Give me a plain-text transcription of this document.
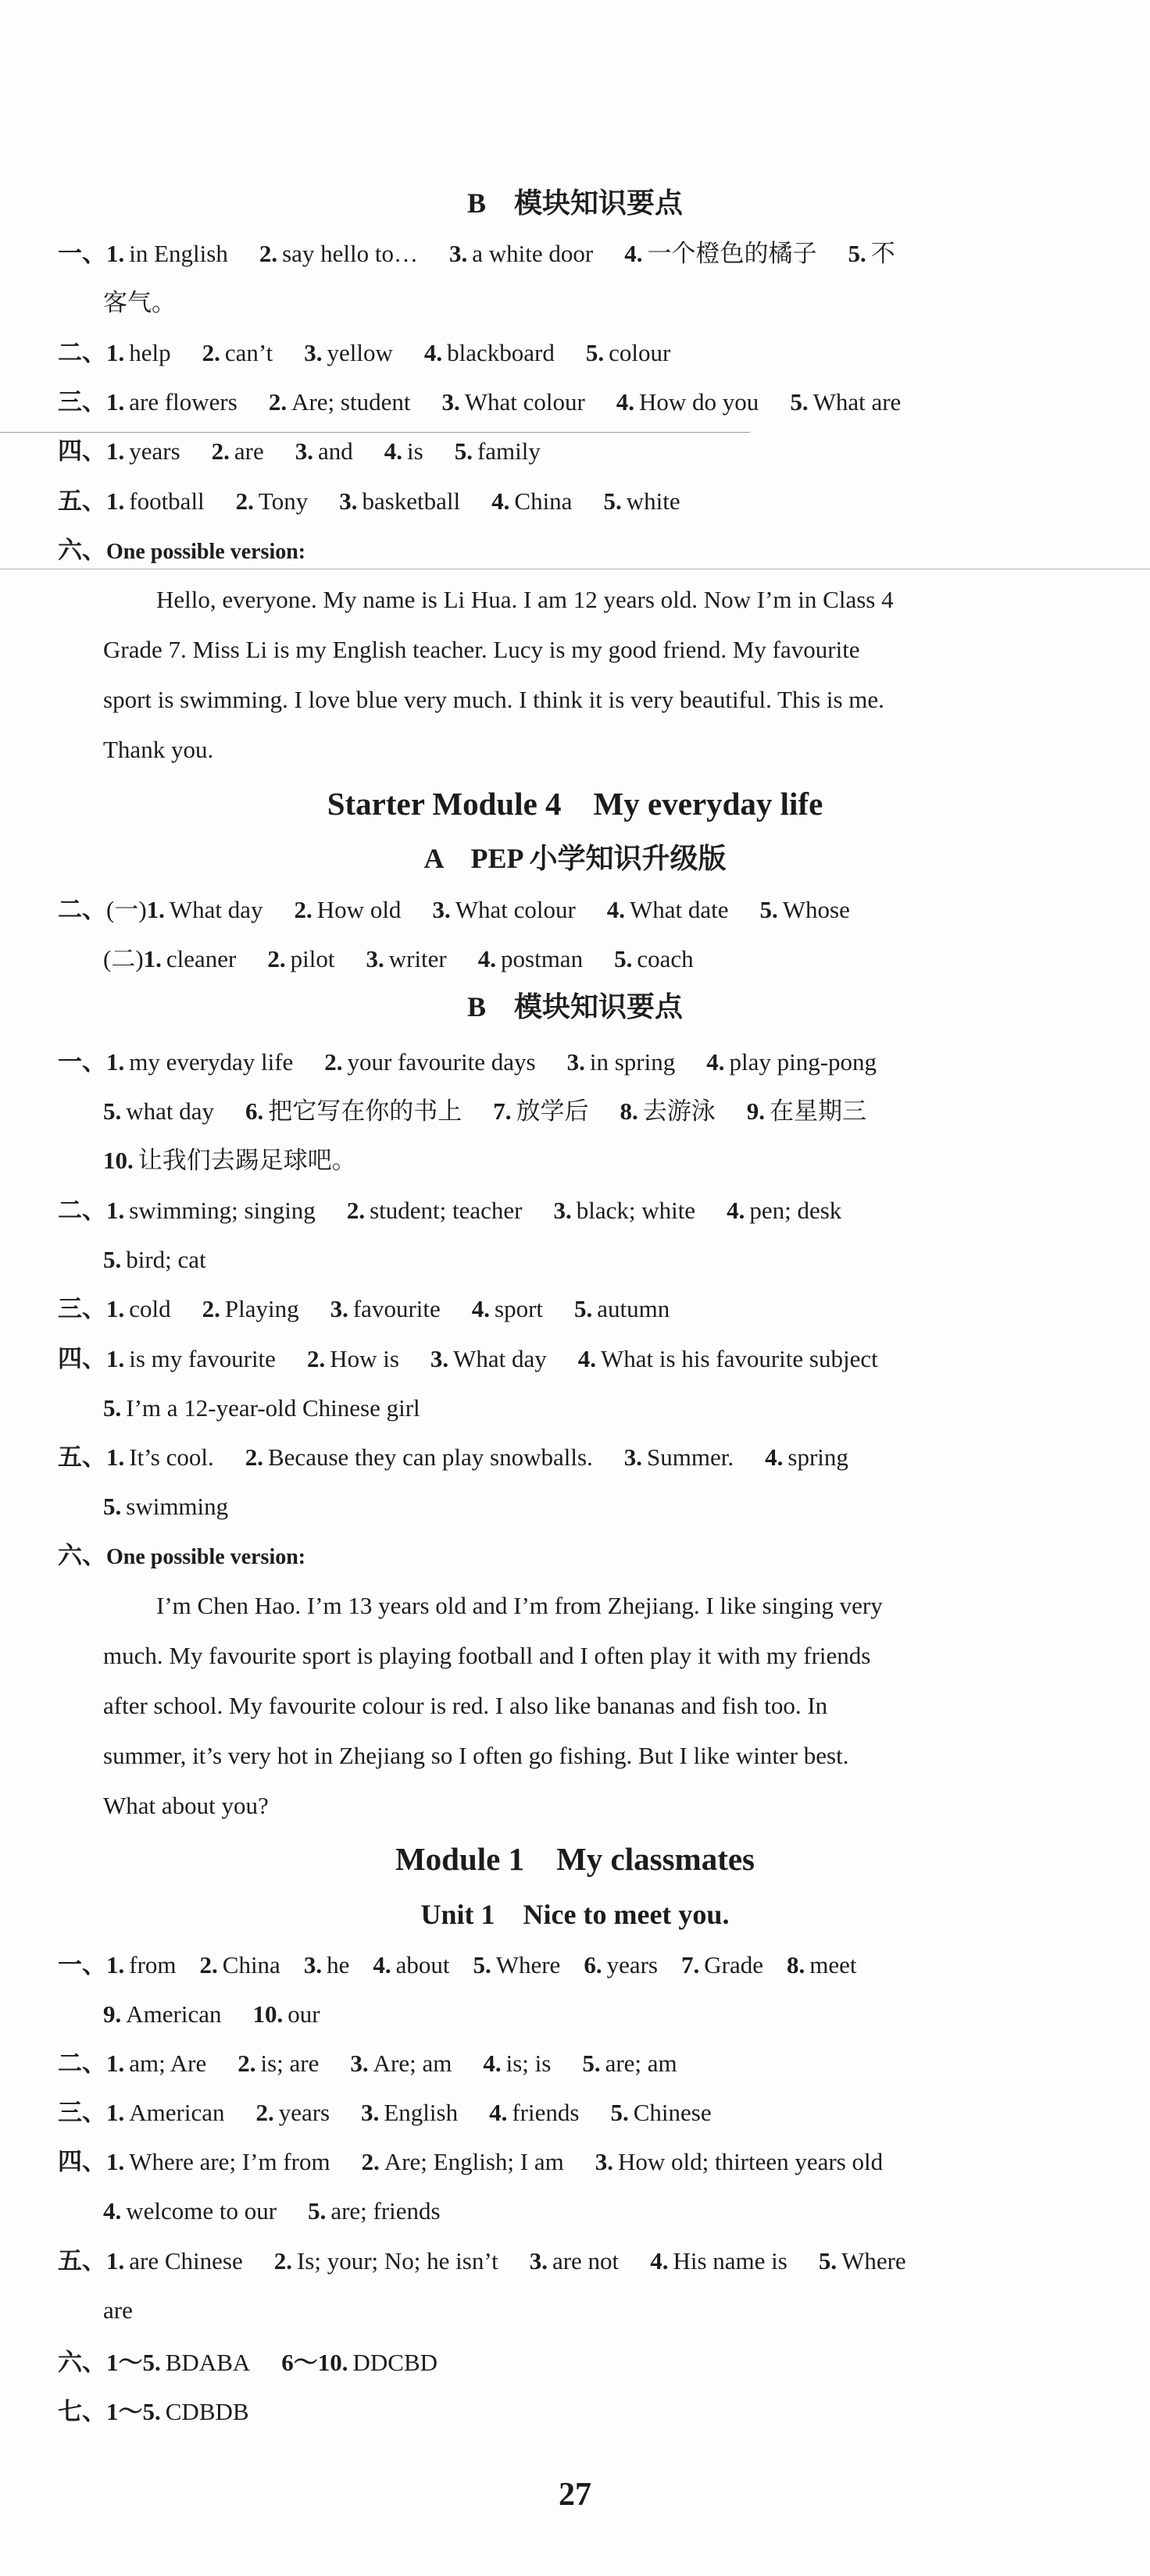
B　模块知识要点
一、1. in English 2. say hello to… 3. a white door 4. 一个橙色的橘子 5. 不
客气。
二、1. help 2. can’t 3. yellow 4. blackboard 5. colour
三、1. are flowers 2. Are; student 3. What colour 4. How do you 5. What are
四、1. years 2. are 3. and 4. is 5. family
五、1. football 2. Tony 3. basketball 4. China 5. white
六、One possible version:
Hello, everyone. My name is Li Hua. I am 12 years old. Now I’m in Class 4
Grade 7. Miss Li is my English teacher. Lucy is my good friend. My favourite
sport is swimming. I love blue very much. I think it is very beautiful. This is me.
Thank you.
Starter Module 4　My everyday life
A　PEP 小学知识升级版
二、(一)1. What day 2. How old 3. What colour 4. What date 5. Whose
(二)1. cleaner 2. pilot 3. writer 4. postman 5. coach
B　模块知识要点
一、1. my everyday life 2. your favourite days 3. in spring 4. play ping-pong
5. what day 6. 把它写在你的书上 7. 放学后 8. 去游泳 9. 在星期三
10. 让我们去踢足球吧。
二、1. swimming; singing 2. student; teacher 3. black; white 4. pen; desk
5. bird; cat
三、1. cold 2. Playing 3. favourite 4. sport 5. autumn
四、1. is my favourite 2. How is 3. What day 4. What is his favourite subject
5. I’m a 12-year-old Chinese girl
五、1. It’s cool. 2. Because they can play snowballs. 3. Summer. 4. spring
5. swimming
六、One possible version:
I’m Chen Hao. I’m 13 years old and I’m from Zhejiang. I like singing very
much. My favourite sport is playing football and I often play it with my friends
after school. My favourite colour is red. I also like bananas and fish too. In
summer, it’s very hot in Zhejiang so I often go fishing. But I like winter best.
What about you?
Module 1　My classmates
Unit 1　Nice to meet you.
一、1. from 2. China 3. he 4. about 5. Where 6. years 7. Grade 8. meet
9. American 10. our
二、1. am; Are 2. is; are 3. Are; am 4. is; is 5. are; am
三、1. American 2. years 3. English 4. friends 5. Chinese
四、1. Where are; I’m from 2. Are; English; I am 3. How old; thirteen years old
4. welcome to our 5. are; friends
五、1. are Chinese 2. Is; your; No; he isn’t 3. are not 4. His name is 5. Where
are
六、1～5. BDABA 6～10. DDCBD
七、1～5. CDBDB
27
